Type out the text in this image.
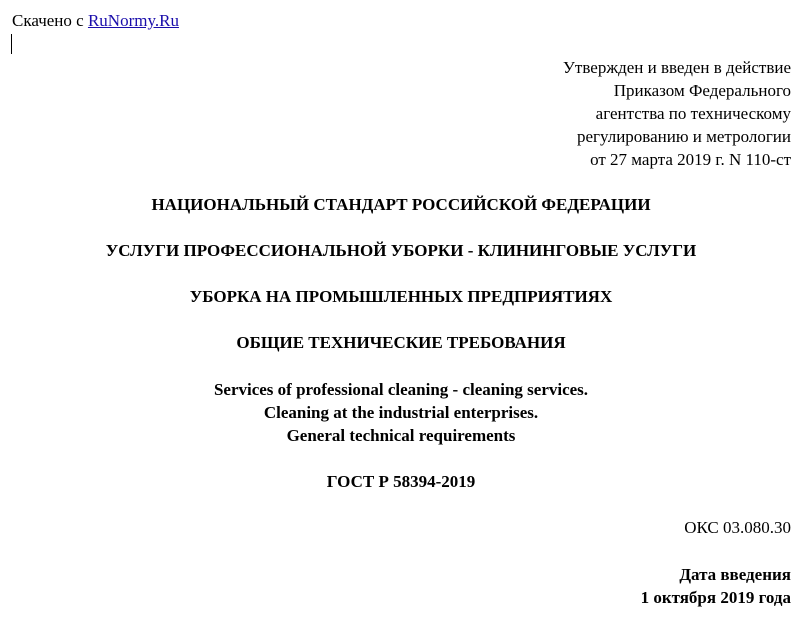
Скачено с RuNormy.Ru
Утвержден и введен в действие
Приказом Федерального
агентства по техническому
регулированию и метрологии
от 27 марта 2019 г. N 110-ст
НАЦИОНАЛЬНЫЙ СТАНДАРТ РОССИЙСКОЙ ФЕДЕРАЦИИ
УСЛУГИ ПРОФЕССИОНАЛЬНОЙ УБОРКИ - КЛИНИНГОВЫЕ УСЛУГИ
УБОРКА НА ПРОМЫШЛЕННЫХ ПРЕДПРИЯТИЯХ
ОБЩИЕ ТЕХНИЧЕСКИЕ ТРЕБОВАНИЯ
Services of professional cleaning - cleaning services.
Cleaning at the industrial enterprises.
General technical requirements
ГОСТ Р 58394-2019
ОКС 03.080.30
Дата введения
1 октября 2019 года
